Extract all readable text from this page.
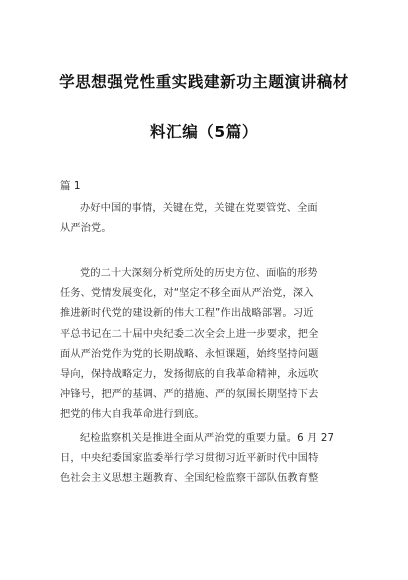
学思想强党性重实践建新功主题演讲稿材
料汇编（5篇）
篇 1
办好中国的事情，关键在党，关键在党要管党、全面
从严治党。
党的二十大深刻分析党所处的历史方位、面临的形势
任务、党情发展变化，对“坚定不移全面从严治党，深入
推进新时代党的建设新的伟大工程”作出战略部署。习近
平总书记在二十届中央纪委二次全会上进一步要求，把全
面从严治党作为党的长期战略、永恒课题，始终坚持问题
导向，保持战略定力，发扬彻底的自我革命精神，永远吹
冲锋号，把严的基调、严的措施、严的氛围长期坚持下去
把党的伟大自我革命进行到底。
纪检监察机关是推进全面从严治党的重要力量。6 月 27
日，中央纪委国家监委举行学习贯彻习近平新时代中国特
色社会主义思想主题教育、全国纪检监察干部队伍教育整
